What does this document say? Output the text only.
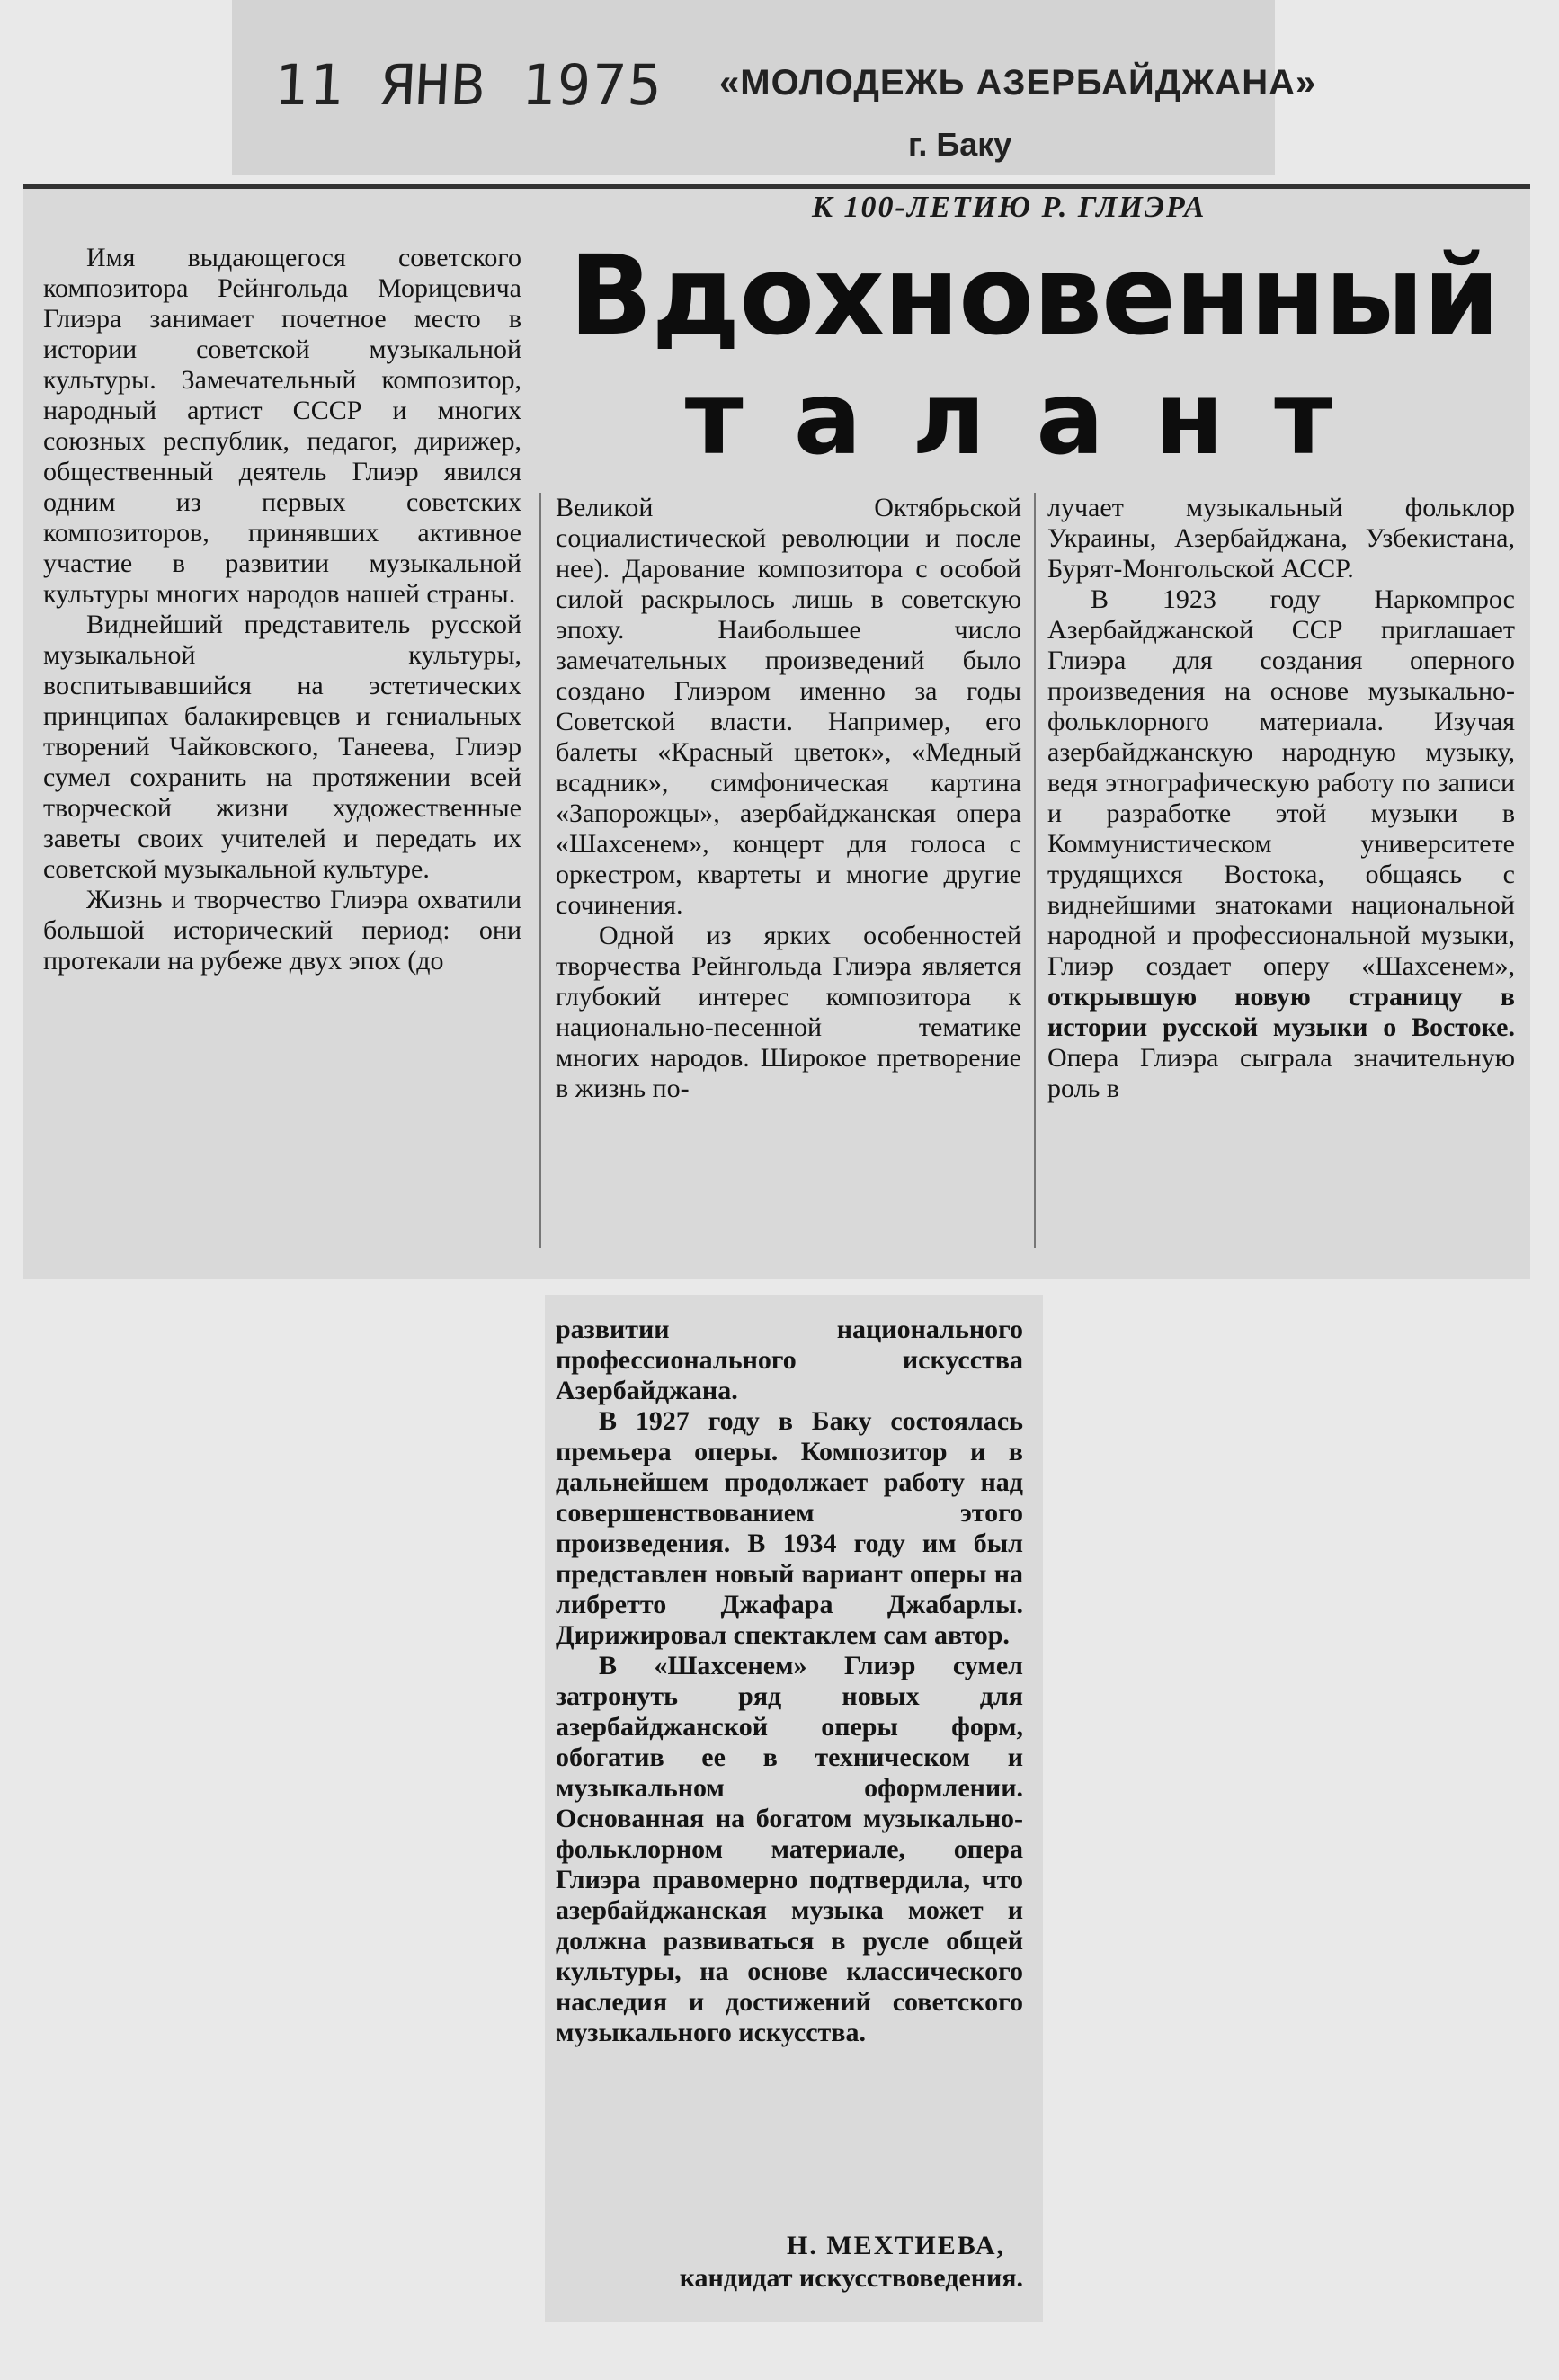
11 ЯНВ 1975 «МОЛОДЕЖЬ АЗЕРБАЙДЖАНА»
г. Баку
К 100-ЛЕТИЮ Р. ГЛИЭРА
Вдохновенный
талант

Имя выдающегося советского композитора Рейнгольда Морицевича Глиэра занимает почетное место в истории советской музыкальной культуры. Замечательный композитор, народный артист СССР и многих союзных республик, педагог, дирижер, общественный деятель Глиэр явился одним из первых советских композиторов, принявших активное участие в развитии музыкальной культуры многих народов нашей страны.

Виднейший представитель русской музыкальной культуры, воспитывавшийся на эстетических принципах балакиревцев и гениальных творений Чайковского, Танеева, Глиэр сумел сохранить на протяжении всей творческой жизни художественные заветы своих учителей и передать их советской музыкальной культуре.

Жизнь и творчество Глиэра охватили большой исторический период: они протекали на рубеже двух эпох (до

Великой Октябрьской социалистической революции и после нее). Дарование композитора с особой силой раскрылось лишь в советскую эпоху. Наибольшее число замечательных произведений было создано Глиэром именно за годы Советской власти. Например, его балеты «Красный цветок», «Медный всадник», симфоническая картина «Запорожцы», азербайджанская опера «Шахсенем», концерт для голоса с оркестром, квартеты и многие другие сочинения.

Одной из ярких особенностей творчества Рейнгольда Глиэра является глубокий интерес композитора к национально-песенной тематике многих народов. Широкое претворение в жизнь по-

лучает музыкальный фольклор Украины, Азербайджана, Узбекистана, Бурят-Монгольской АССР.

В 1923 году Наркомпрос Азербайджанской ССР приглашает Глиэра для создания оперного произведения на основе музыкально-фольклорного материала. Изучая азербайджанскую народную музыку, ведя этнографическую работу по записи и разработке этой музыки в Коммунистическом университете трудящихся Востока, общаясь с виднейшими знатоками национальной народной и профессиональной музыки, Глиэр создает оперу «Шахсенем», открывшую новую страницу в истории русской музыки о Востоке. Опера Глиэра сыграла значительную роль в

развитии национального профессионального искусства Азербайджана.

В 1927 году в Баку состоялась премьера оперы. Композитор и в дальнейшем продолжает работу над совершенствованием этого произведения. В 1934 году им был представлен новый вариант оперы на либретто Джафара Джабарлы. Дирижировал спектаклем сам автор.

В «Шахсенем» Глиэр сумел затронуть ряд новых для азербайджанской оперы форм, обогатив ее в техническом и музыкальном оформлении. Основанная на богатом музыкально-фольклорном материале, опера Глиэра правомерно подтвердила, что азербайджанская музыка может и должна развиваться в русле общей культуры, на основе классического наследия и достижений советского музыкального искусства.

Н. МЕХТИЕВА,
кандидат искусствоведения.
